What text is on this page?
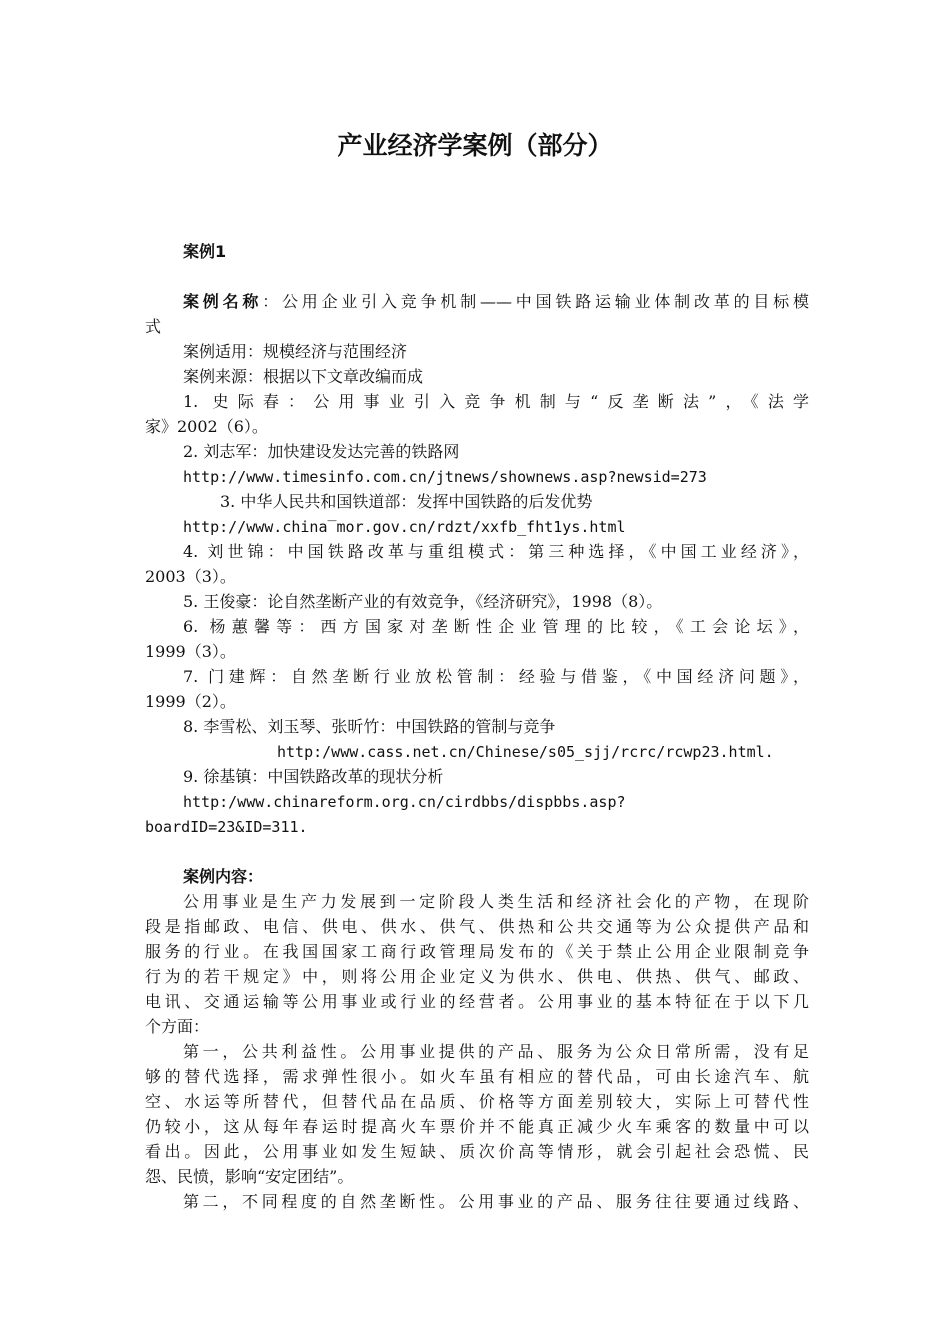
产业经济学案例（部分）
案例1
案例名称：公用企业引入竞争机制——中国铁路运输业体制改革的目标模
式
案例适用：规模经济与范围经济
案例来源：根据以下文章改编而成
1. 史际春：公用事业引入竞争机制与“反垄断法”，《法学
家》2002（6）。
2. 刘志军：加快建设发达完善的铁路网
http://www.timesinfo.com.cn/jtnews/shownews.asp?newsid=273
3. 中华人民共和国铁道部：发挥中国铁路的后发优势
http://www.china‾mor.gov.cn/rdzt/xxfb_fht1ys.html
4. 刘世锦：中国铁路改革与重组模式：第三种选择，《中国工业经济》，
2003（3）。
5. 王俊豪：论自然垄断产业的有效竞争，《经济研究》，1998（8）。
6. 杨蕙馨等：西方国家对垄断性企业管理的比较，《工会论坛》，
1999（3）。
7. 门建辉：自然垄断行业放松管制：经验与借鉴，《中国经济问题》，
1999（2）。
8. 李雪松、刘玉琴、张昕竹：中国铁路的管制与竞争
http:/www.cass.net.cn/Chinese/s05_sjj/rcrc/rcwp23.html.
9. 徐基镇：中国铁路改革的现状分析
http:/www.chinareform.org.cn/cirdbbs/dispbbs.asp?
boardID=23&ID=311.
案例内容：
公用事业是生产力发展到一定阶段人类生活和经济社会化的产物，在现阶
段是指邮政、电信、供电、供水、供气、供热和公共交通等为公众提供产品和
服务的行业。在我国国家工商行政管理局发布的《关于禁止公用企业限制竞争
行为的若干规定》中，则将公用企业定义为供水、供电、供热、供气、邮政、
电讯、交通运输等公用事业或行业的经营者。公用事业的基本特征在于以下几
个方面：
第一，公共利益性。公用事业提供的产品、服务为公众日常所需，没有足
够的替代选择，需求弹性很小。如火车虽有相应的替代品，可由长途汽车、航
空、水运等所替代，但替代品在品质、价格等方面差别较大，实际上可替代性
仍较小，这从每年春运时提高火车票价并不能真正减少火车乘客的数量中可以
看出。因此，公用事业如发生短缺、质次价高等情形，就会引起社会恐慌、民
怨、民愤，影响“安定团结”。
第二，不同程度的自然垄断性。公用事业的产品、服务往往要通过线路、
